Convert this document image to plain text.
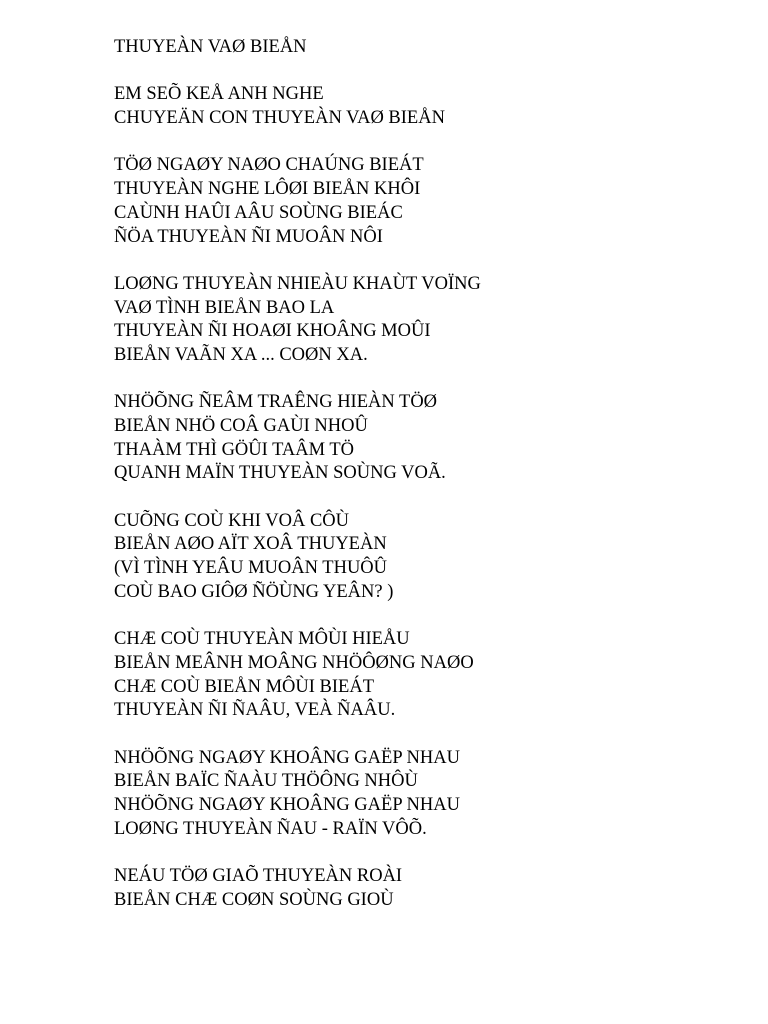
THUYEÀN VAØ BIEÅN
EM SEÕ KEÅ ANH NGHE
CHUYEÄN CON THUYEÀN VAØ BIEÅN
TÖØ NGAØY NAØO CHAÚNG BIEÁT
THUYEÀN NGHE LÔØI BIEÅN KHÔI
CAÙNH HAÛI AÂU SOÙNG BIEÁC
ÑÖA THUYEÀN ÑI MUOÂN NÔI
LOØNG THUYEÀN NHIEÀU KHAÙT VOÏNG
VAØ TÌNH BIEÅN BAO LA
THUYEÀN ÑI HOAØI KHOÂNG MOÛI
BIEÅN VAÃN XA ... COØN XA.
NHÖÕNG ÑEÂM TRAÊNG HIEÀN TÖØ
BIEÅN NHÖ COÂ GAÙI NHOÛ
THAÀM THÌ GÖÛI TAÂM TÖ
QUANH MAÏN THUYEÀN SOÙNG VOÃ.
CUÕNG COÙ KHI VOÂ CÔÙ
BIEÅN AØO AÏT XOÂ THUYEÀN
(VÌ TÌNH YEÂU MUOÂN THUÔÛ
COÙ BAO GIÔØ ÑÖÙNG YEÂN? )
CHÆ COÙ THUYEÀN MÔÙI HIEÅU
BIEÅN MEÂNH MOÂNG NHÖÔØNG NAØO
CHÆ COÙ BIEÅN MÔÙI BIEÁT
THUYEÀN ÑI ÑAÂU, VEÀ ÑAÂU.
NHÖÕNG NGAØY KHOÂNG GAËP NHAU
BIEÅN BAÏC ÑAÀU THÖÔNG NHÔÙ
NHÖÕNG NGAØY KHOÂNG GAËP NHAU
LOØNG THUYEÀN ÑAU - RAÏN VÔÕ.
NEÁU TÖØ GIAÕ THUYEÀN ROÀI
BIEÅN CHÆ COØN SOÙNG GIOÙ
